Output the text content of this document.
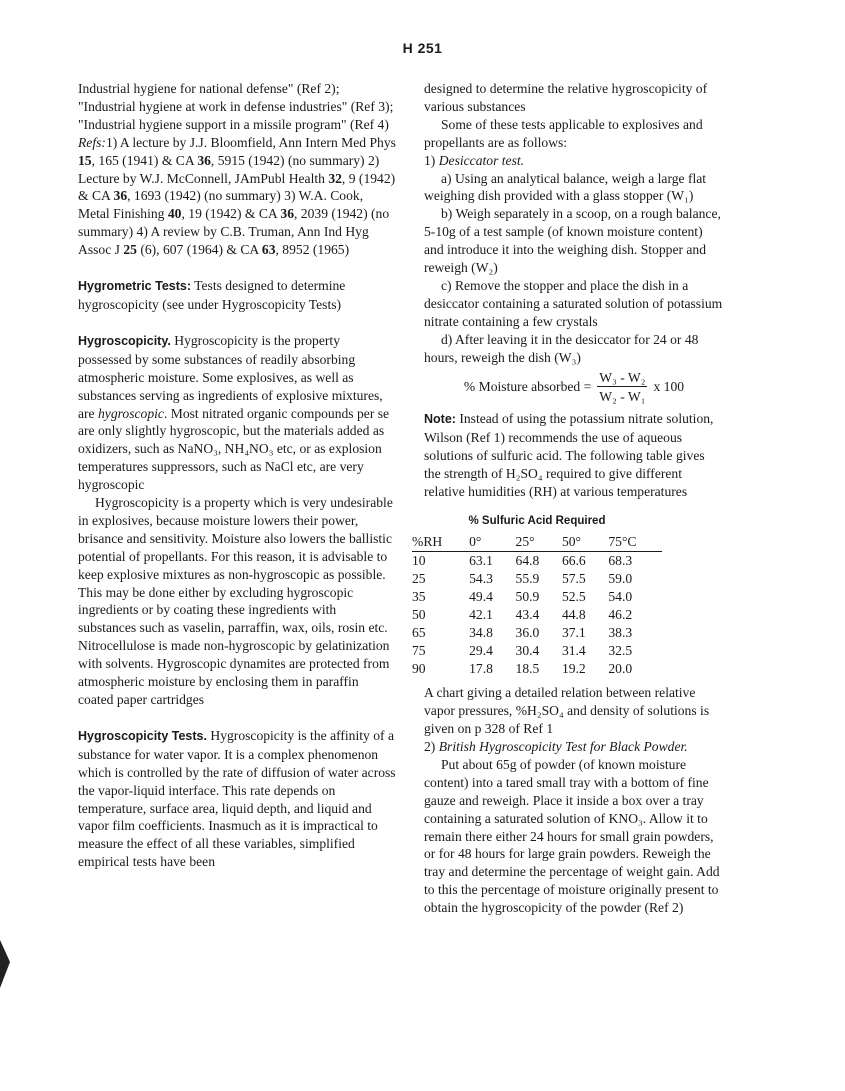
H 251

Industrial hygiene for national defense" (Ref 2); "Industrial hygiene at work in defense industries" (Ref 3); "Industrial hygiene support in a missile program" (Ref 4)

Refs:1) A lecture by J.J. Bloomfield, Ann Intern Med Phys 15, 165 (1941) & CA 36, 5915 (1942) (no summary) 2) Lecture by W.J. McConnell, JAmPubl Health 32, 9 (1942) & CA 36, 1693 (1942) (no summary) 3) W.A. Cook, Metal Finishing 40, 19 (1942) & CA 36, 2039 (1942) (no summary) 4) A review by C.B. Truman, Ann Ind Hyg Assoc J 25 (6), 607 (1964) & CA 63, 8952 (1965)

Hygrometric Tests: Tests designed to determine hygroscopicity (see under Hygroscopicity Tests)

Hygroscopicity. Hygroscopicity is the property possessed by some substances of readily absorbing atmospheric moisture. Some explosives, as well as substances serving as ingredients of explosive mixtures, are hygroscopic. Most nitrated organic compounds per se are only slightly hygroscopic, but the materials added as oxidizers, such as NaNO₃, NH₄NO₃ etc, or as explosion temperatures suppressors, such as NaCl etc, are very hygroscopic

Hygroscopicity is a property which is very undesirable in explosives, because moisture lowers their power, brisance and sensitivity. Moisture also lowers the ballistic potential of propellants. For this reason, it is advisable to keep explosive mixtures as non-hygroscopic as possible. This may be done either by excluding hygroscopic ingredients or by coating these ingredients with substances such as vaselin, parraffin, wax, oils, rosin etc. Nitrocellulose is made non-hygroscopic by gelatinization with solvents. Hygroscopic dynamites are protected from atmospheric moisture by enclosing them in paraffin coated paper cartridges

Hygroscopicity Tests. Hygroscopicity is the affinity of a substance for water vapor. It is a complex phenomenon which is controlled by the rate of diffusion of water across the vapor-liquid interface. This rate depends on temperature, surface area, liquid depth, and liquid and vapor film coefficients. Inasmuch as it is impractical to measure the effect of all these variables, simplified empirical tests have been

designed to determine the relative hygroscopicity of various substances

Some of these tests applicable to explosives and propellants are as follows:

1) Desiccator test.

a) Using an analytical balance, weigh a large flat weighing dish provided with a glass stopper (W₁)

b) Weigh separately in a scoop, on a rough balance, 5-10g of a test sample (of known moisture content) and introduce it into the weighing dish. Stopper and reweigh (W₂)

c) Remove the stopper and place the dish in a desiccator containing a saturated solution of potassium nitrate containing a few crystals

d) After leaving it in the desiccator for 24 or 48 hours, reweigh the dish (W₃)

% Moisture absorbed = $\frac{\text{W₃ - W₂}}{\text{W₂ - W₁}}$ x 100

Note: Instead of using the potassium nitrate solution, Wilson (Ref 1) recommends the use of aqueous solutions of sulfuric acid. The following table gives the strength of H₂SO₄ required to give different relative humidities (RH) at various temperatures

% Sulfuric Acid Required
%RH	0°	25°	50°	75°C
10	63.1	64.8	66.6	68.3
25	54.3	55.9	57.5	59.0
35	49.4	50.9	52.5	54.0
50	42.1	43.4	44.8	46.2
65	34.8	36.0	37.1	38.3
75	29.4	30.4	31.4	32.5
90	17.8	18.5	19.2	20.0

A chart giving a detailed relation between relative vapor pressures, %H₂SO₄ and density of solutions is given on p 328 of Ref 1

2) British Hygroscopicity Test for Black Powder.

Put about 65g of powder (of known moisture content) into a tared small tray with a bottom of fine gauze and reweigh. Place it inside a box over a tray containing a saturated solution of KNO₃. Allow it to remain there either 24 hours for small grain powders, or for 48 hours for large grain powders. Reweigh the tray and determine the percentage of weight gain. Add to this the percentage of moisture originally present to obtain the hygroscopicity of the powder (Ref 2)
